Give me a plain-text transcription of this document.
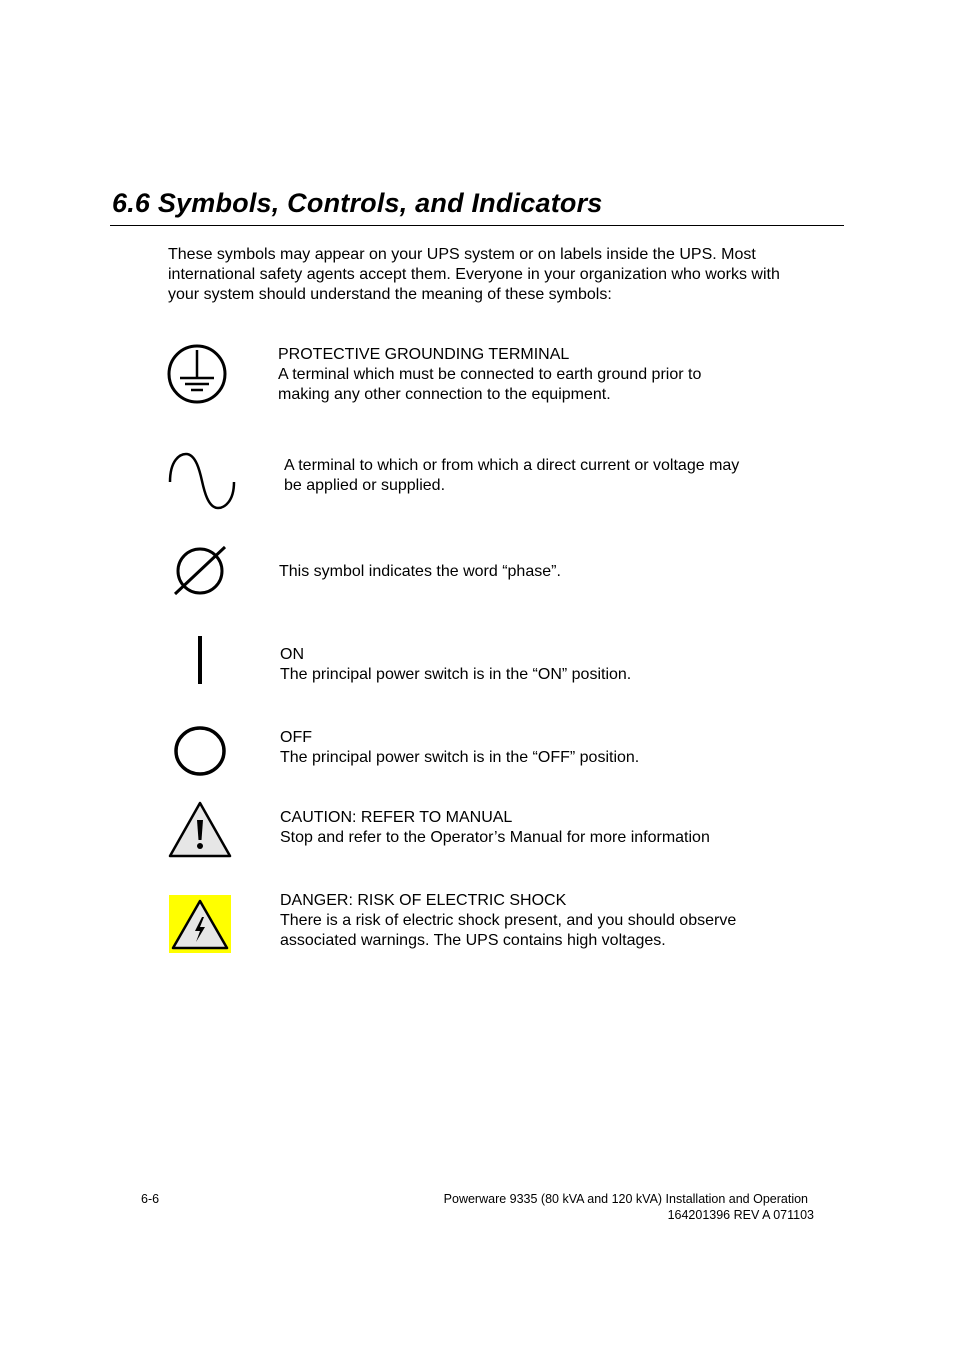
6.6 Symbols, Controls, and Indicators
These symbols may appear on your UPS system or on labels inside the UPS. Most
international safety agents accept them. Everyone in your organization who works with
your system should understand the meaning of these symbols:
PROTECTIVE GROUNDING TERMINAL
A terminal which must be connected to earth ground prior to
making any other connection to the equipment.
A terminal to which or from which a direct current or voltage may
be applied or supplied.
This symbol indicates the word “phase”.
ON
The principal power switch is in the “ON” position.
OFF
The principal power switch is in the “OFF” position.
CAUTION: REFER TO MANUAL
Stop and refer to the Operator’s Manual for more information
DANGER: RISK OF ELECTRIC SHOCK
There is a risk of electric shock present, and you should observe
associated warnings. The UPS contains high voltages.
6-6	Powerware 9335 (80 kVA and 120 kVA) Installation and Operation
164201396 REV A 071103
